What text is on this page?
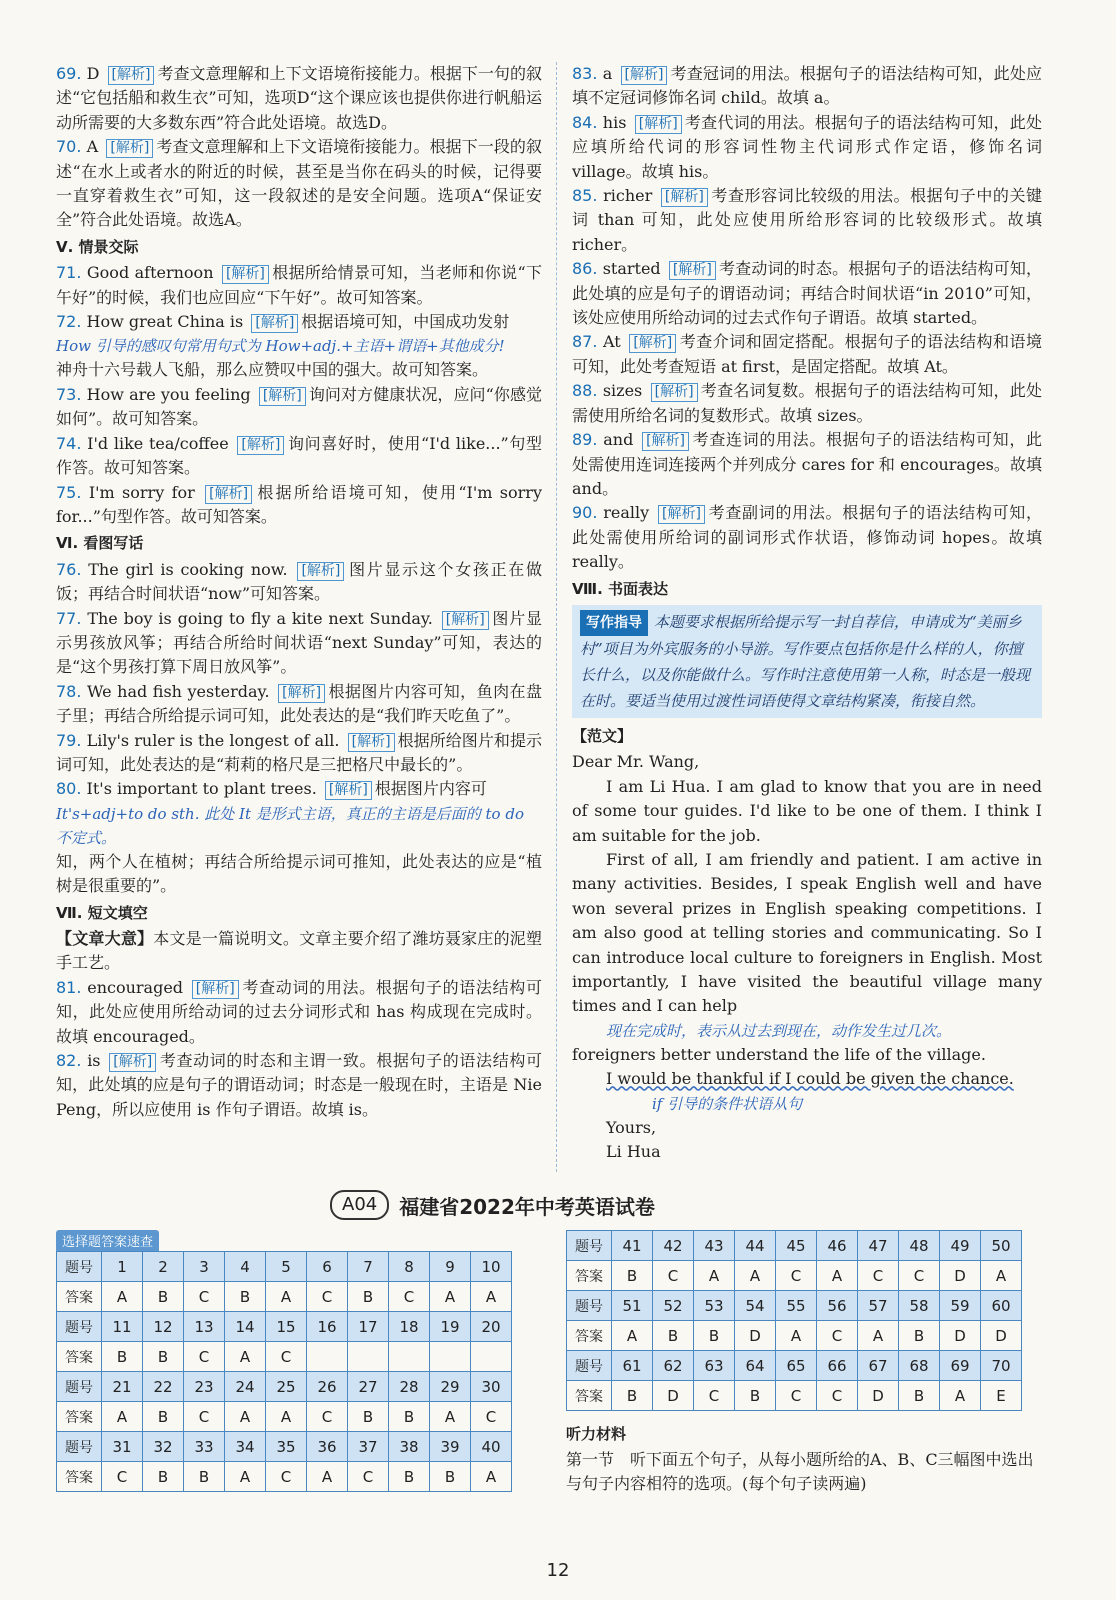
69. D [ 解析 ] 考查文意理解和上下文语境衔接能力。根据下一句的叙述“它包括船和救生衣”可知，选项D“这个课应该也提供你进行帆船运动所需要的大多数东西”符合此处语境。故选D。

70. A [ 解析 ] 考查文意理解和上下文语境衔接能力。根据下一段的叙述“在水上或者水的附近的时候，甚至是当你在码头的时候，记得要一直穿着救生衣”可知，这一段叙述的是安全问题。选项A“保证安全”符合此处语境。故选A。

Ⅴ. 情景交际

71. Good afternoon [ 解析 ] 根据所给情景可知，当老师和你说“下午好”的时候，我们也应回应“下午好”。故可知答案。

72. How great China is [ 解析 ] 根据语境可知，中国成功发射

How 引导的感叹句常用句式为 How+adj.+主语+谓语+其他成分!

神舟十六号载人飞船，那么应赞叹中国的强大。故可知答案。

73. How are you feeling [ 解析 ] 询问对方健康状况，应问“你感觉如何”。故可知答案。

74. I'd like tea/coffee [ 解析 ] 询问喜好时，使用“I'd like...”句型作答。故可知答案。

75. I'm sorry for [ 解析 ] 根据所给语境可知，使用“I'm sorry for...”句型作答。故可知答案。

Ⅵ. 看图写话

76. The girl is cooking now. [ 解析 ] 图片显示这个女孩正在做饭；再结合时间状语“now”可知答案。

77. The boy is going to fly a kite next Sunday. [ 解析 ] 图片显示男孩放风筝；再结合所给时间状语“next Sunday”可知，表达的是“这个男孩打算下周日放风筝”。

78. We had fish yesterday. [ 解析 ] 根据图片内容可知，鱼肉在盘子里；再结合所给提示词可知，此处表达的是“我们昨天吃鱼了”。

79. Lily's ruler is the longest of all. [ 解析 ] 根据所给图片和提示词可知，此处表达的是“莉莉的格尺是三把格尺中最长的”。

80. It's important to plant trees. [ 解析 ] 根据图片内容可

It's+adj+to do sth. 此处 It 是形式主语，真正的主语是后面的 to do 不定式。

知，两个人在植树；再结合所给提示词可推知，此处表达的应是“植树是很重要的”。

Ⅶ. 短文填空

【文章大意】本文是一篇说明文。文章主要介绍了潍坊聂家庄的泥塑手工艺。

81. encouraged [ 解析 ] 考查动词的用法。根据句子的语法结构可知，此处应使用所给动词的过去分词形式和 has 构成现在完成时。故填 encouraged。

82. is [ 解析 ] 考查动词的时态和主谓一致。根据句子的语法结构可知，此处填的应是句子的谓语动词；时态是一般现在时，主语是 Nie Peng，所以应使用 is 作句子谓语。故填 is。

83. a [ 解析 ] 考查冠词的用法。根据句子的语法结构可知，此处应填不定冠词修饰名词 child。故填 a。

84. his [ 解析 ] 考查代词的用法。根据句子的语法结构可知，此处应填所给代词的形容词性物主代词形式作定语，修饰名词 village。故填 his。

85. richer [ 解析 ] 考查形容词比较级的用法。根据句子中的关键词 than 可知，此处应使用所给形容词的比较级形式。故填 richer。

86. started [ 解析 ] 考查动词的时态。根据句子的语法结构可知，此处填的应是句子的谓语动词；再结合时间状语“in 2010”可知，该处应使用所给动词的过去式作句子谓语。故填 started。

87. At [ 解析 ] 考查介词和固定搭配。根据句子的语法结构和语境可知，此处考查短语 at first，是固定搭配。故填 At。

88. sizes [ 解析 ] 考查名词复数。根据句子的语法结构可知，此处需使用所给名词的复数形式。故填 sizes。

89. and [ 解析 ] 考查连词的用法。根据句子的语法结构可知，此处需使用连词连接两个并列成分 cares for 和 encourages。故填 and。

90. really [ 解析 ] 考查副词的用法。根据句子的语法结构可知，此处需使用所给词的副词形式作状语，修饰动词 hopes。故填 really。

Ⅷ. 书面表达
写作指导 本题要求根据所给提示写一封自荐信，申请成为“美丽乡村”项目为外宾服务的小导游。写作要点包括你是什么样的人，你擅长什么，以及你能做什么。写作时注意使用第一人称，时态是一般现在时。要适当使用过渡性词语使得文章结构紧凑，衔接自然。
【范文】

Dear Mr. Wang,

I am Li Hua. I am glad to know that you are in need of some tour guides. I'd like to be one of them. I think I am suitable for the job.

First of all, I am friendly and patient. I am active in many activities. Besides, I speak English well and have won several prizes in English speaking competitions. I am also good at telling stories and communicating. So I can introduce local culture to foreigners in English. Most importantly, I have visited the beautiful village many times and I can help

现在完成时，表示从过去到现在，动作发生过几次。

foreigners better understand the life of the village.

I would be thankful if I could be given the chance.

if 引导的条件状语从句

Yours,

Li Hua

A04	福建省2022年中考英语试卷
选择题答案速查
题号	1	2	3	4	5	6	7	8	9	10
答案	A	B	C	B	A	C	B	C	A	A
题号	11	12	13	14	15	16	17	18	19	20
答案	B	B	C	A	C					
题号	21	22	23	24	25	26	27	28	29	30
答案	A	B	C	A	A	C	B	B	A	C
题号	31	32	33	34	35	36	37	38	39	40
答案	C	B	B	A	C	A	C	B	B	A
题号	41	42	43	44	45	46	47	48	49	50
答案	B	C	A	A	C	A	C	C	D	A
题号	51	52	53	54	55	56	57	58	59	60
答案	A	B	B	D	A	C	A	B	D	D
题号	61	62	63	64	65	66	67	68	69	70
答案	B	D	C	B	C	C	D	B	A	E
听力材料
第一节　听下面五个句子，从每小题所给的A、B、C三幅图中选出与句子内容相符的选项。(每个句子读两遍)
12
